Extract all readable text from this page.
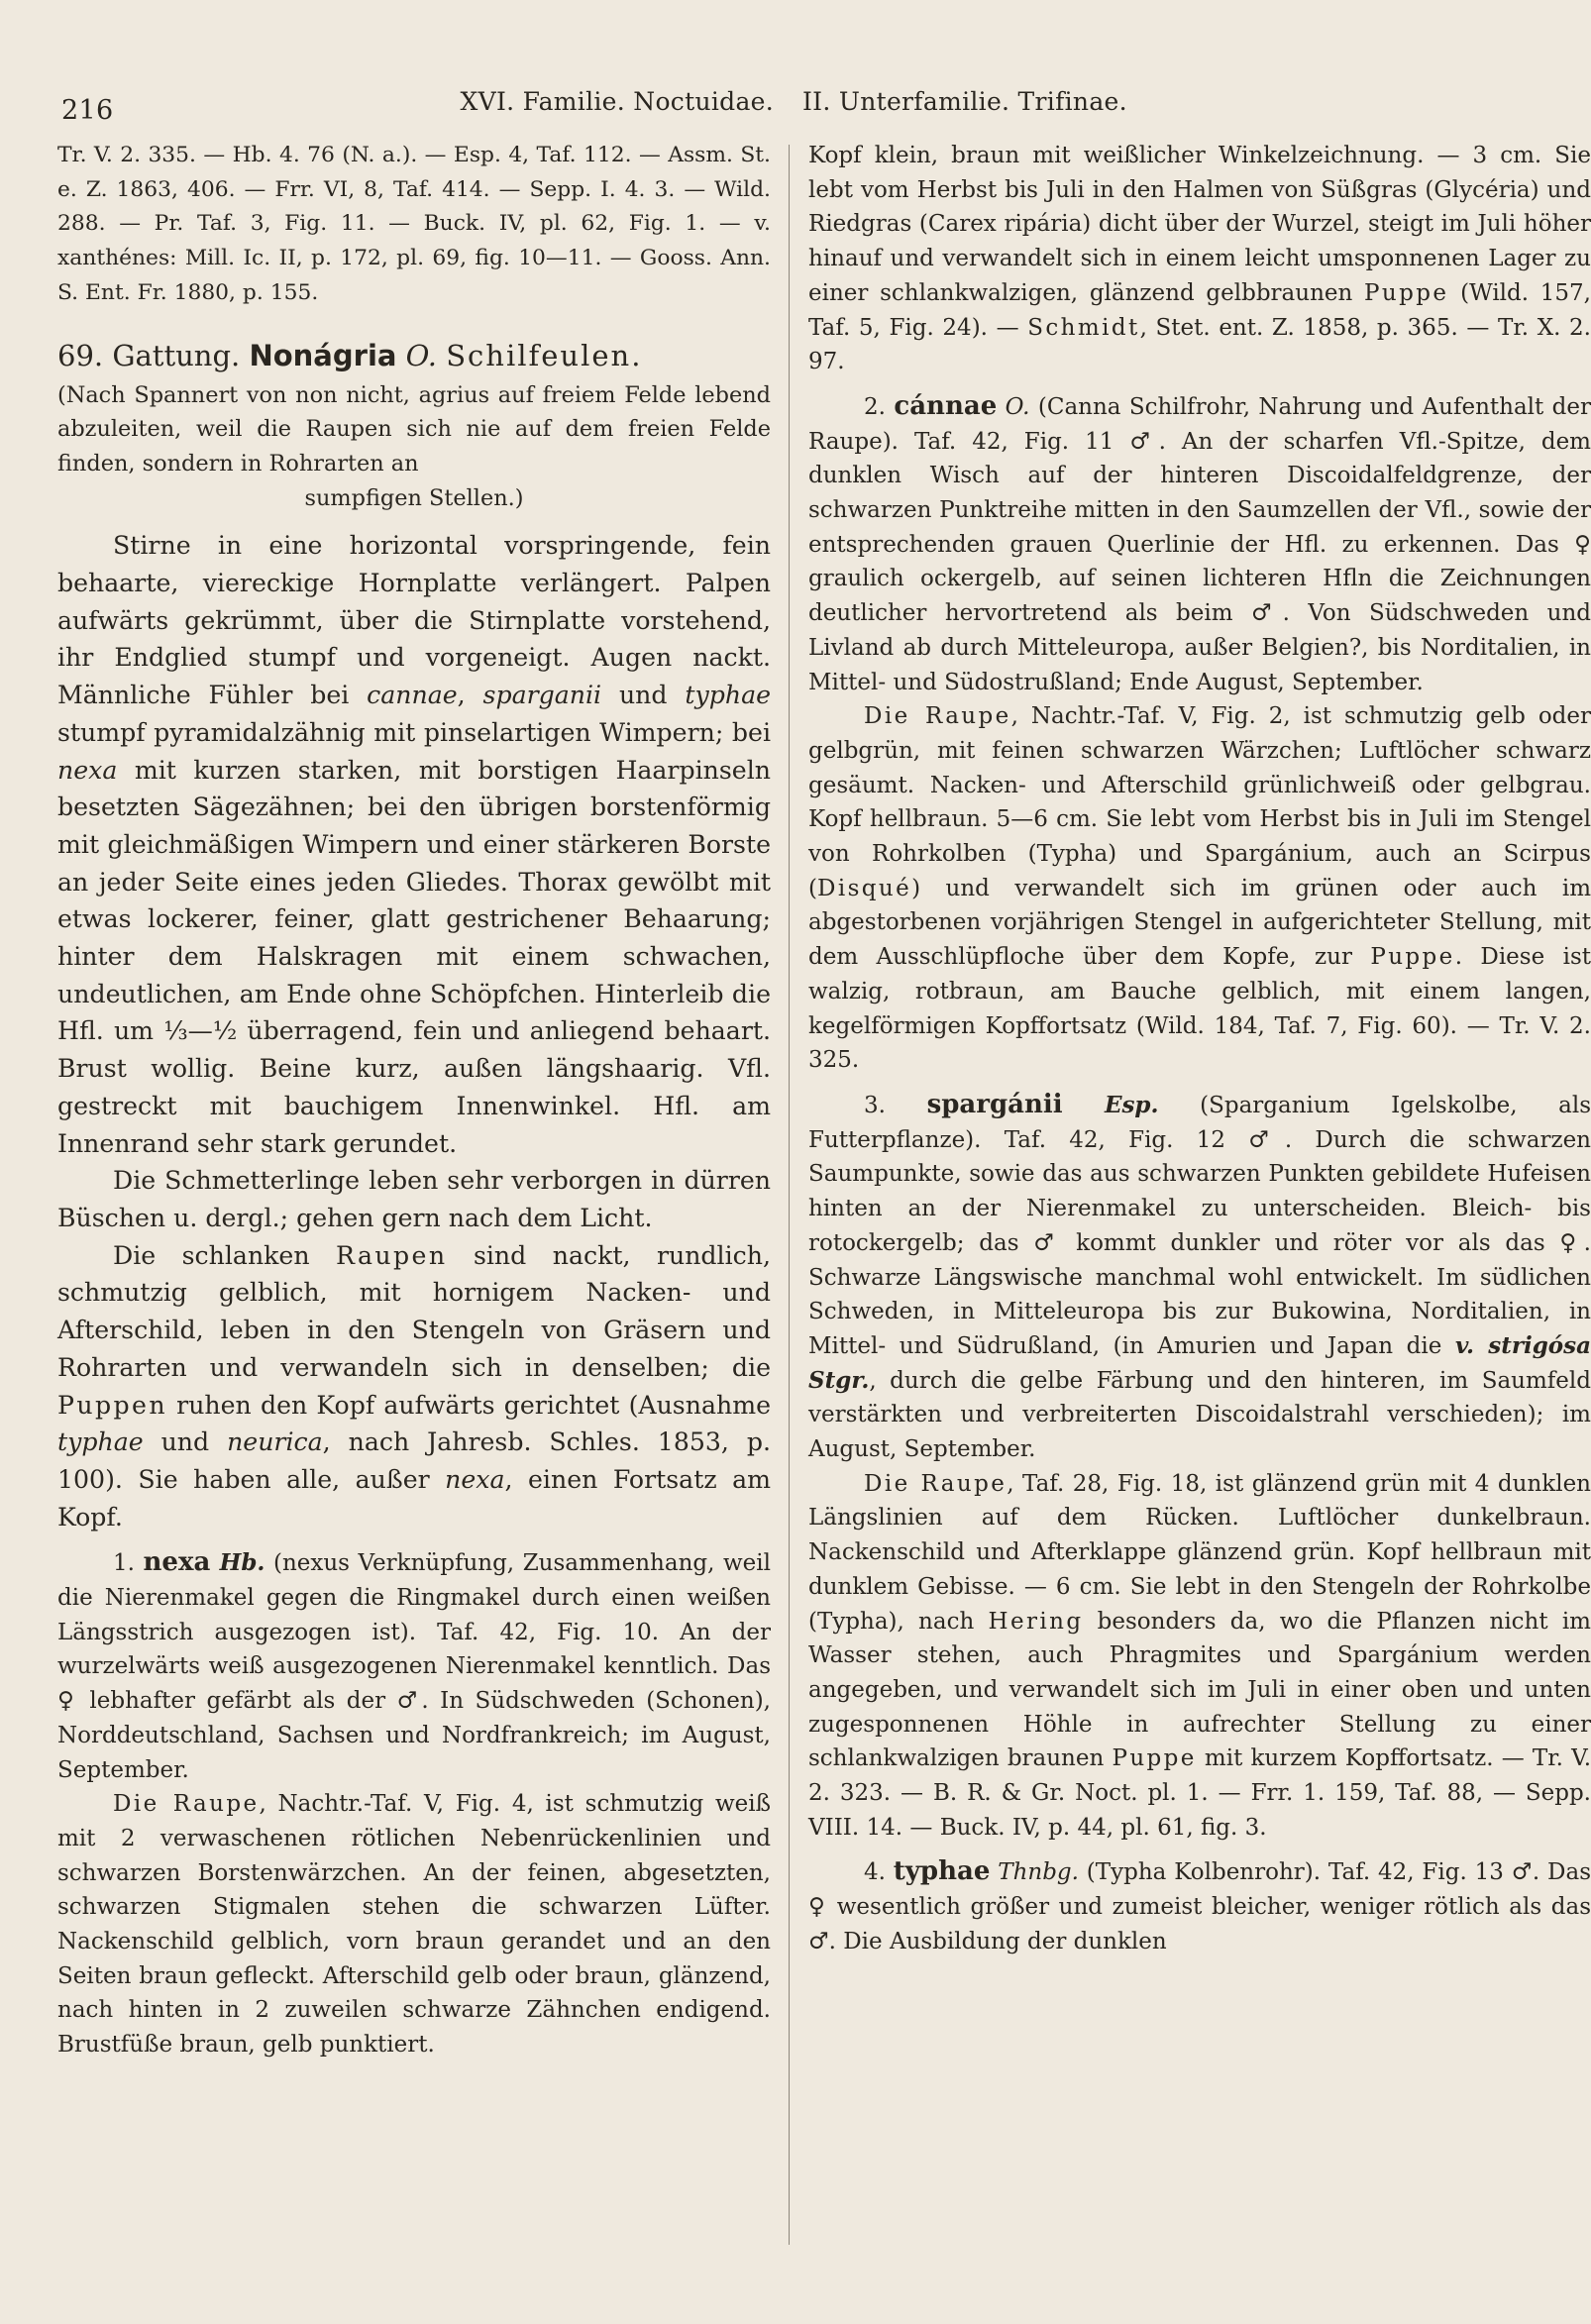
216	XVI. Familie. Noctuidae. II. Unterfamilie. Trifinae.

Tr. V. 2. 335. — Hb. 4. 76 (N. a.). — Esp. 4, Taf. 112. — Assm. St. e. Z. 1863, 406. — Frr. VI, 8, Taf. 414. — Sepp. I. 4. 3. — Wild. 288. — Pr. Taf. 3, Fig. 11. — Buck. IV, pl. 62, Fig. 1. — v. xanthénes: Mill. Ic. II, p. 172, pl. 69, fig. 10—11. — Gooss. Ann. S. Ent. Fr. 1880, p. 155.

69. Gattung. Nonágria O. Schilfeulen.

(Nach Spannert von non nicht, agrius auf freiem Felde lebend abzuleiten, weil die Raupen sich nie auf dem freien Felde finden, sondern in Rohrarten an

sumpfigen Stellen.)

Stirne in eine horizontal vorspringende, fein behaarte, viereckige Hornplatte verlängert. Palpen aufwärts gekrümmt, über die Stirnplatte vorstehend, ihr Endglied stumpf und vorgeneigt. Augen nackt. Männliche Fühler bei cannae, sparganii und typhae stumpf pyramidalzähnig mit pinselartigen Wimpern; bei nexa mit kurzen starken, mit borstigen Haarpinseln besetzten Sägezähnen; bei den übrigen borstenförmig mit gleichmäßigen Wimpern und einer stärkeren Borste an jeder Seite eines jeden Gliedes. Thorax gewölbt mit etwas lockerer, feiner, glatt gestrichener Behaarung; hinter dem Halskragen mit einem schwachen, undeutlichen, am Ende ohne Schöpfchen. Hinterleib die Hfl. um ⅓—½ überragend, fein und anliegend behaart. Brust wollig. Beine kurz, außen längshaarig. Vfl. gestreckt mit bauchigem Innenwinkel. Hfl. am Innenrand sehr stark gerundet.

Die Schmetterlinge leben sehr verborgen in dürren Büschen u. dergl.; gehen gern nach dem Licht.

Die schlanken Raupen sind nackt, rundlich, schmutzig gelblich, mit hornigem Nacken- und Afterschild, leben in den Stengeln von Gräsern und Rohrarten und verwandeln sich in denselben; die Puppen ruhen den Kopf aufwärts gerichtet (Ausnahme typhae und neurica, nach Jahresb. Schles. 1853, p. 100). Sie haben alle, außer nexa, einen Fortsatz am Kopf.

1. nexa Hb. (nexus Verknüpfung, Zusammenhang, weil die Nierenmakel gegen die Ringmakel durch einen weißen Längsstrich ausgezogen ist). Taf. 42, Fig. 10. An der wurzelwärts weiß ausgezogenen Nierenmakel kenntlich. Das ♀ lebhafter gefärbt als der ♂. In Südschweden (Schonen), Norddeutschland, Sachsen und Nordfrankreich; im August, September.

Die Raupe, Nachtr.-Taf. V, Fig. 4, ist schmutzig weiß mit 2 verwaschenen rötlichen Nebenrückenlinien und schwarzen Borstenwärzchen. An der feinen, abgesetzten, schwarzen Stigmalen stehen die schwarzen Lüfter. Nackenschild gelblich, vorn braun gerandet und an den Seiten braun gefleckt. Afterschild gelb oder braun, glänzend, nach hinten in 2 zuweilen schwarze Zähnchen endigend. Brustfüße braun, gelb punktiert.

Kopf klein, braun mit weißlicher Winkelzeichnung. — 3 cm. Sie lebt vom Herbst bis Juli in den Halmen von Süßgras (Glycéria) und Riedgras (Carex ripária) dicht über der Wurzel, steigt im Juli höher hinauf und verwandelt sich in einem leicht umsponnenen Lager zu einer schlankwalzigen, glänzend gelbbraunen Puppe (Wild. 157, Taf. 5, Fig. 24). — Schmidt, Stet. ent. Z. 1858, p. 365. — Tr. X. 2. 97.

2. cánnae O. (Canna Schilfrohr, Nahrung und Aufenthalt der Raupe). Taf. 42, Fig. 11 ♂. An der scharfen Vfl.-Spitze, dem dunklen Wisch auf der hinteren Discoidalfeldgrenze, der schwarzen Punktreihe mitten in den Saumzellen der Vfl., sowie der entsprechenden grauen Querlinie der Hfl. zu erkennen. Das ♀ graulich ockergelb, auf seinen lichteren Hfln die Zeichnungen deutlicher hervortretend als beim ♂. Von Südschweden und Livland ab durch Mitteleuropa, außer Belgien?, bis Norditalien, in Mittel- und Südostrußland; Ende August, September.

Die Raupe, Nachtr.-Taf. V, Fig. 2, ist schmutzig gelb oder gelbgrün, mit feinen schwarzen Wärzchen; Luftlöcher schwarz gesäumt. Nacken- und Afterschild grünlichweiß oder gelbgrau. Kopf hellbraun. 5—6 cm. Sie lebt vom Herbst bis in Juli im Stengel von Rohrkolben (Typha) und Spargánium, auch an Scirpus (Disqué) und verwandelt sich im grünen oder auch im abgestorbenen vorjährigen Stengel in aufgerichteter Stellung, mit dem Ausschlüpfloche über dem Kopfe, zur Puppe. Diese ist walzig, rotbraun, am Bauche gelblich, mit einem langen, kegelförmigen Kopffortsatz (Wild. 184, Taf. 7, Fig. 60). — Tr. V. 2. 325.

3. spargánii Esp. (Sparganium Igelskolbe, als Futterpflanze). Taf. 42, Fig. 12 ♂. Durch die schwarzen Saumpunkte, sowie das aus schwarzen Punkten gebildete Hufeisen hinten an der Nierenmakel zu unterscheiden. Bleich- bis rotockergelb; das ♂ kommt dunkler und röter vor als das ♀. Schwarze Längswische manchmal wohl entwickelt. Im südlichen Schweden, in Mitteleuropa bis zur Bukowina, Norditalien, in Mittel- und Südrußland, (in Amurien und Japan die v. strigósa Stgr., durch die gelbe Färbung und den hinteren, im Saumfeld verstärkten und verbreiterten Discoidalstrahl verschieden); im August, September.

Die Raupe, Taf. 28, Fig. 18, ist glänzend grün mit 4 dunklen Längslinien auf dem Rücken. Luftlöcher dunkelbraun. Nackenschild und Afterklappe glänzend grün. Kopf hellbraun mit dunklem Gebisse. — 6 cm. Sie lebt in den Stengeln der Rohrkolbe (Typha), nach Hering besonders da, wo die Pflanzen nicht im Wasser stehen, auch Phragmites und Spargánium werden angegeben, und verwandelt sich im Juli in einer oben und unten zugesponnenen Höhle in aufrechter Stellung zu einer schlankwalzigen braunen Puppe mit kurzem Kopffortsatz. — Tr. V. 2. 323. — B. R. & Gr. Noct. pl. 1. — Frr. 1. 159, Taf. 88, — Sepp. VIII. 14. — Buck. IV, p. 44, pl. 61, fig. 3.

4. typhae Thnbg. (Typha Kolbenrohr). Taf. 42, Fig. 13 ♂. Das ♀ wesentlich größer und zumeist bleicher, weniger rötlich als das ♂. Die Ausbildung der dunklen
